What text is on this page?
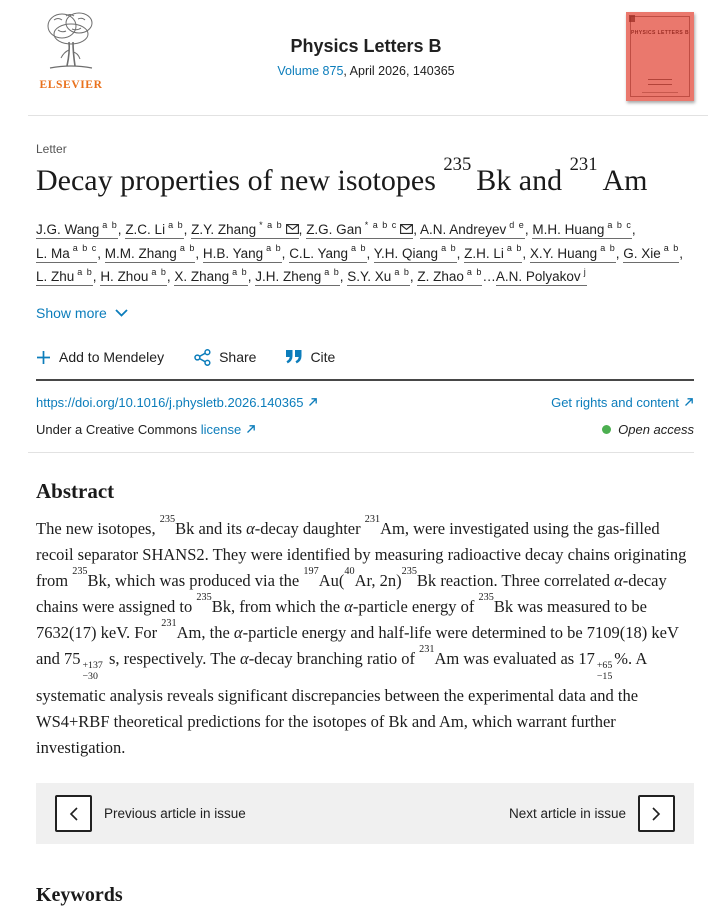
ELSEVIER
Physics Letters B
Volume 875, April 2026, 140365
PHYSICS LETTERS B
Letter
Decay properties of new isotopes $^{235}$ Bk and $^{231}$ Am
J.G. Wang $^{a b}$, Z.C. Li $^{a b}$, Z.Y. Zhang $^{* a b}$ , Z.G. Gan $^{* a b c}$ , A.N. Andreyev $^{d e}$, M.H. Huang $^{a b c}$, L. Ma $^{a b c}$, M.M. Zhang $^{a b}$, H.B. Yang $^{a b}$, C.L. Yang $^{a b}$, Y.H. Qiang $^{a b}$, Z.H. Li $^{a b}$, X.Y. Huang $^{a b}$, G. Xie $^{a b}$, L. Zhu $^{a b}$, H. Zhou $^{a b}$, X. Zhang $^{a b}$, J.H. Zheng $^{a b}$, S.Y. Xu $^{a b}$, Z. Zhao $^{a b}$…A.N. Polyakov $^j$
Show more
Add to Mendeley	Share	Cite
https://doi.org/10.1016/j.physletb.2026.140365	Get rights and content
Under a Creative Commons license	Open access
Abstract

The new isotopes, $^{235}$Bk and its α-decay daughter $^{231}$Am, were investigated using the gas-filled recoil separator SHANS2. They were identified by measuring radioactive decay chains originating from $^{235}$Bk, which was produced via the $^{197}$Au($^{40}$Ar, 2n)$^{235}$Bk reaction. Three correlated α-decay chains were assigned to $^{235}$Bk, from which the α-particle energy of $^{235}$Bk was measured to be 7632(17) keV. For $^{231}$Am, the α-particle energy and half-life were determined to be 7109(18) keV and 75 +137
−30
s, respectively. The α-decay branching ratio of $^{231}$Am was evaluated as 17 +65
−15
%. A systematic analysis reveals significant discrepancies between the experimental data and the WS4+RBF theoretical predictions for the isotopes of Bk and Am, which warrant further investigation.

Previous article in issue	Next article in issue
Keywords
